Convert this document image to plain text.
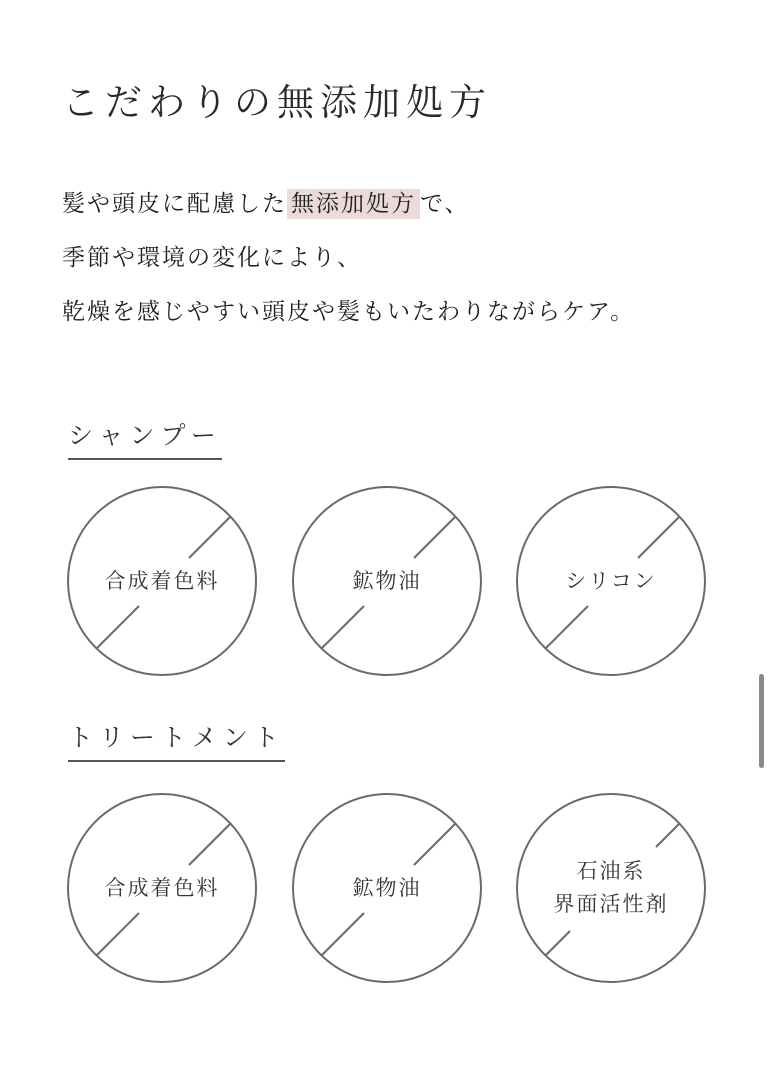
こだわりの無添加処方
髪や頭皮に配慮した 無添加処方 で、
季節や環境の変化により、
乾燥を感じやすい頭皮や髪もいたわりながらケア。
シャンプー
合成着色料	鉱物油	シリコン
トリートメント
合成着色料	鉱物油
石油系
界面活性剤
